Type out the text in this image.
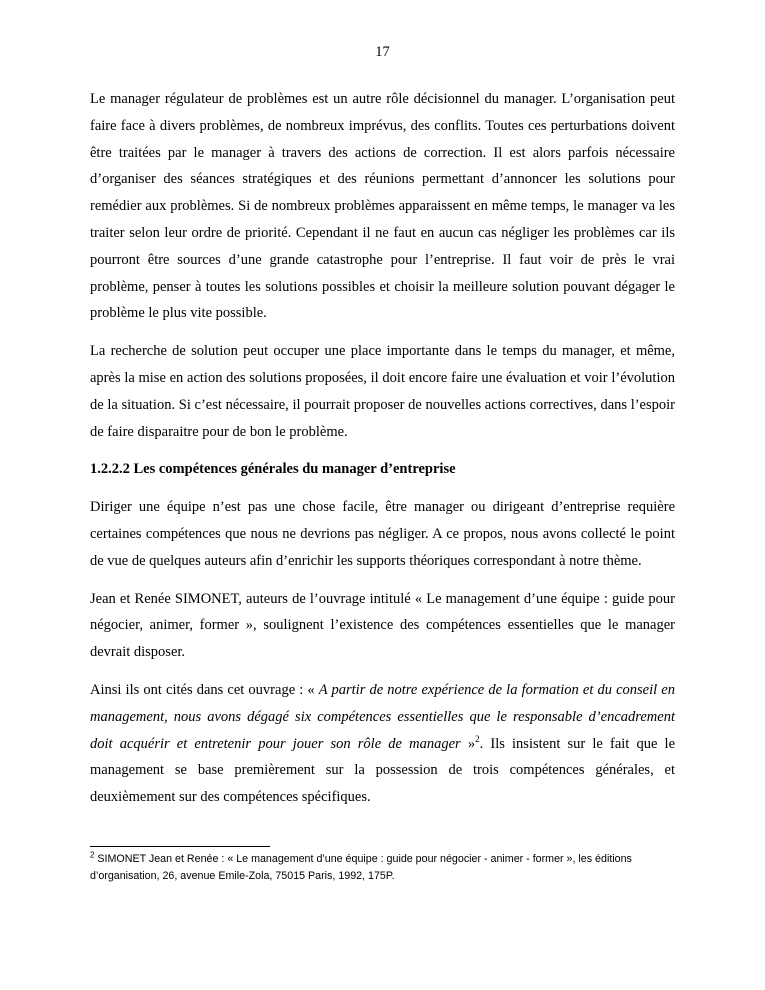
17

Le manager régulateur de problèmes est un autre rôle décisionnel du manager. L’organisation peut faire face à divers problèmes, de nombreux imprévus, des conflits. Toutes ces perturbations doivent être traitées par le manager à travers des actions de correction. Il est alors parfois nécessaire d’organiser des séances stratégiques et des réunions permettant d’annoncer les solutions pour remédier aux problèmes. Si de nombreux problèmes apparaissent en même temps, le manager va les traiter selon leur ordre de priorité. Cependant il ne faut en aucun cas négliger les problèmes car ils pourront être sources d’une grande catastrophe pour l’entreprise. Il faut voir de près le vrai problème, penser à toutes les solutions possibles et choisir la meilleure solution pouvant dégager le problème le plus vite possible.

La recherche de solution peut occuper une place importante dans le temps du manager, et même, après la mise en action des solutions proposées, il doit encore faire une évaluation et voir l’évolution de la situation. Si c’est nécessaire, il pourrait proposer de nouvelles actions correctives, dans l’espoir de faire disparaitre pour de bon le problème.

1.2.2.2 Les compétences générales du manager d’entreprise

Diriger une équipe n’est pas une chose facile, être manager ou dirigeant d’entreprise requière certaines compétences que nous ne devrions pas négliger. A ce propos, nous avons collecté le point de vue de quelques auteurs afin d’enrichir les supports théoriques correspondant à notre thème.

Jean et Renée SIMONET, auteurs de l’ouvrage intitulé « Le management d’une équipe : guide pour négocier, animer, former », soulignent l’existence des compétences essentielles que le manager devrait disposer.

Ainsi ils ont cités dans cet ouvrage : « A partir de notre expérience de la formation et du conseil en management, nous avons dégagé six compétences essentielles que le responsable d’encadrement doit acquérir et entretenir pour jouer son rôle de manager »$^2$. Ils insistent sur le fait que le management se base premièrement sur la possession de trois compétences générales, et deuxièmement sur des compétences spécifiques.

$^2$ SIMONET Jean et Renée : « Le management d’une équipe : guide pour négocier - animer - former », les éditions d’organisation, 26, avenue Emile-Zola, 75015 Paris, 1992, 175P.
